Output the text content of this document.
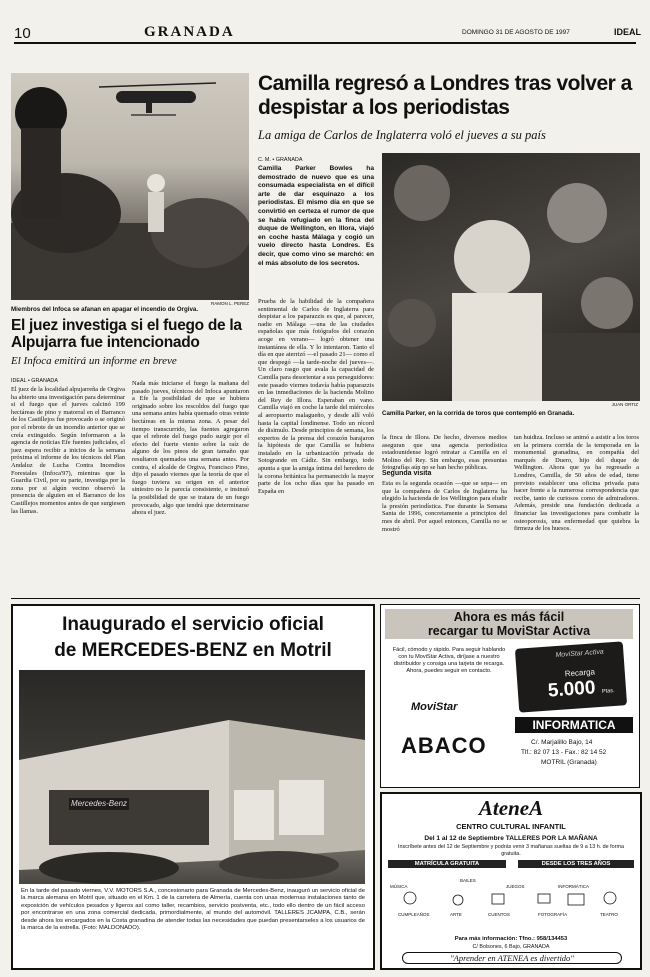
10	GRANADA	DOMINGO 31 DE AGOSTO DE 1997	IDEAL
RAMON L. PEREZ
Miembros del Infoca se afanan en apagar el incendio de Orgiva.
El juez investiga si el fuego de la Alpujarra fue intencionado
El Infoca emitirá un informe en breve
IDEAL • GRANADA
El juez de la localidad alpujarreña de Orgiva ha abierto una investigación para determinar si el fuego que el jueves calcinó 199 hectáreas de pino y matorral en el Barranco de los Castillejos fue provocado o se originó por el rebrote de un incendio anterior que se creía extinguido. Según informaron a la agencia de noticias Efe fuentes judiciales, el juez espera recibir a inicios de la semana próxima el informe de los técnicos del Plan Andaluz de Lucha Contra Incendios Forestales (Infoca'97), mientras que la Guardia Civil, por su parte, investiga por la zona por si algún vecino observó la presencia de alguien en el Barranco de los Castillejos momentos antes de que surgiesen las llamas.
Nada más iniciarse el fuego la mañana del pasado jueves, técnicos del Infoca apuntaron a Efe la posibilidad de que se hubiera originado sobre los rescoldos del fuego que una semana antes había quemado otras veinte hectáreas en la misma zona. A pesar del tiempo transcurrido, las fuentes agregaron que el rebrote del fuego pudo surgir por el efecto del fuerte viento sobre la raíz de alguno de los pinos de gran tamaño que resultaron quemados una semana antes. Por contra, el alcalde de Orgiva, Francisco Pino, dijo el pasado viernes que la teoría de que el fuego tuviera su origen en el anterior siniestro no le parecía consistente, e insinuó la posibilidad de que se tratara de un fuego provocado, algo que tendrá que determinarse ahora el juez.
Camilla regresó a Londres tras volver a despistar a los periodistas
La amiga de Carlos de Inglaterra voló el jueves a su país
C. M. • GRANADA
Camilla Parker Bowles ha demostrado de nuevo que es una consumada especialista en el difícil arte de dar esquinazo a los periodistas. El mismo día en que se convirtió en certeza el rumor de que se había refugiado en la finca del duque de Wellington, en Illora, viajó en coche hasta Málaga y cogió un vuelo directo hasta Londres. Es decir, que como vino se marchó: en el más absoluto de los secretos.
Prueba de la habilidad de la compañera sentimental de Carlos de Inglaterra para despistar a los paparazzis es que, al parecer, nadie en Málaga —una de las ciudades españolas que más fotógrafos del corazón acoge en verano— logró obtener una instantánea de ella. Y lo intentaron. Tanto el día en que aterrizó —el pasado 21— como el que despegó —la tarde-noche del jueves—. Un claro rasgo que avala la capacidad de Camilla para desorientar a sus perseguidores: este pasado viernes todavía había paparazzis en las inmediaciones de la hacienda Molino del Rey de Illora. Esperaban en vano. Camilla viajó en coche la tarde del miércoles al aeropuerto malagueño, y desde allí voló hasta la capital londinense. Todo un récord de disimulo. Desde principios de semana, los expertos de la prensa del corazón barajaron la hipótesis de que Camilla se hubiera instalado en la urbanización privada de Sotogrande en Cádiz. Sin embargo, todo apunta a que la amiga íntima del heredero de la corona británica ha permanecido la mayor parte de los ocho días que ha pasado en España en
JUAN ORTIZ
Camilla Parker, en la corrida de toros que contempló en Granada.
la finca de Illora. De hecho, diversos medios aseguran que una agencia periodística estadounidense logró retratar a Camilla en el Molino del Rey. Sin embargo, esas presuntas fotografías aún no se han hecho públicas.
Segunda visita
Esta es la segunda ocasión —que se sepa— en que la compañera de Carlos de Inglaterra ha elegido la hacienda de los Wellington para eludir la presión periodística. Fue durante la Semana Santa de 1996, concretamente a principios del mes de abril. Por aquel entonces, Camilla no se mostró
tan huidiza. Incluso se animó a asistir a los toros en la primera corrida de la temporada en la monumental granadina, en compañía del marqués de Duero, hijo del duque de Wellington. Ahora que ya ha regresado a Londres, Camilla, de 50 años de edad, tiene previsto establecer una oficina privada para hacer frente a la numerosa correspondencia que recibe, tanto de curiosos como de admiradores. Además, preside una fundación dedicada a financiar las investigaciones para combatir la osteoporosis, una enfermedad que quiebra la firmeza de los huesos.
Inaugurado el servicio oficial
de MERCEDES-BENZ en Motril
Mercedes-Benz
En la tarde del pasado viernes, V.V. MOTORS S.A., concesionario para Granada de Mercedes-Benz, inauguró un servicio oficial de la marca alemana en Motril que, situado en el Km. 1 de la carretera de Almería, cuenta con unas modernas instalaciones tanto de exposición de vehículos pesados y ligeros así como taller, recambios, servicio postventa, etc., todo ello dentro de un fácil acceso por encontrarse en una zona comercial dedicada, primordialmente, al mundo del automóvil. TALLERES JCAMPA, C.B., serán desde ahora los encargados en la Costa granadina de atender todas las necesidades que puedan presentarseles a los usuarios de la marca de la estrella. (Foto: MALDONADO).
Ahora es más fácil
recargar tu MoviStar Activa
Fácil, cómodo y rápido. Para seguir hablando con tu MoviStar Activa, diríjase a nuestro distribuidor y consiga una tarjeta de recarga. Ahora, puedes seguir en contacto.
MoviStar Activa
Recarga
5.000 Ptas.
MoviStar
INFORMATICA
ABACO	C/. Marjalillo Bajo, 14
Tlf.: 82 07 13 - Fax.: 82 14 52
MOTRIL (Granada)
AteneA
CENTRO CULTURAL INFANTIL
Del 1 al 12 de Septiembre TALLERES POR LA MAÑANA
Inscríbete antes del 12 de Septiembre y podrás venir 3 mañanas sueltas de 9 a 13 h. de forma gratuita.
MATRÍCULA GRATUITA	DESDE LOS TRES AÑOS
CUMPLEAÑOS	ARTE	CUENTOS	FOTOGRAFÍA
MÚSICA
BAILES
JUEGOS	INFORMÁTICA
TEATRO
Para más información: Tfno.: 958/134453
C/ Bolsones, 6 Bajo, GRANADA
"Aprender en ATENEA es divertido"
